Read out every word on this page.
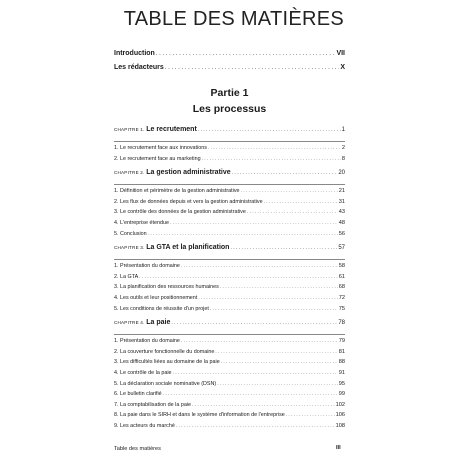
TABLE DES MATIÈRES
Introduction . . .	VII
Les rédacteurs . . .	X
Partie 1
Les processus
CHAPITRE 1. Le recrutement . . .	1
1. Le recrutement face aux innovations . . .	2
2. Le recrutement face au marketing . . .	8
CHAPITRE 2. La gestion administrative . . .	20
1. Définition et périmètre de la gestion administrative . . .	21
2. Les flux de données depuis et vers la gestion administrative . . .	31
3. Le contrôle des données de la gestion administrative . . .	43
4. L'entreprise étendue . . .	48
5. Conclusion . . .	56
CHAPITRE 3. La GTA et la planification . . .	57
1. Présentation du domaine . . .	58
2. La GTA . . .	61
3. La planification des ressources humaines . . .	68
4. Les outils et leur positionnement . . .	72
5. Les conditions de réussite d'un projet . . .	75
CHAPITRE 4. La paie . . .	78
1. Présentation du domaine . . .	79
2. La couverture fonctionnelle du domaine . . .	81
3. Les difficultés liées au domaine de la paie . . .	88
4. Le contrôle de la paie . . .	91
5. La déclaration sociale nominative (DSN) . . .	95
6. Le bulletin clarifié . . .	99
7. La comptabilisation de la paie . . .	102
8. La paie dans le SIRH et dans le système d'information de l'entreprise . . .	106
9. Les acteurs du marché . . .	108
Table des matières	III
